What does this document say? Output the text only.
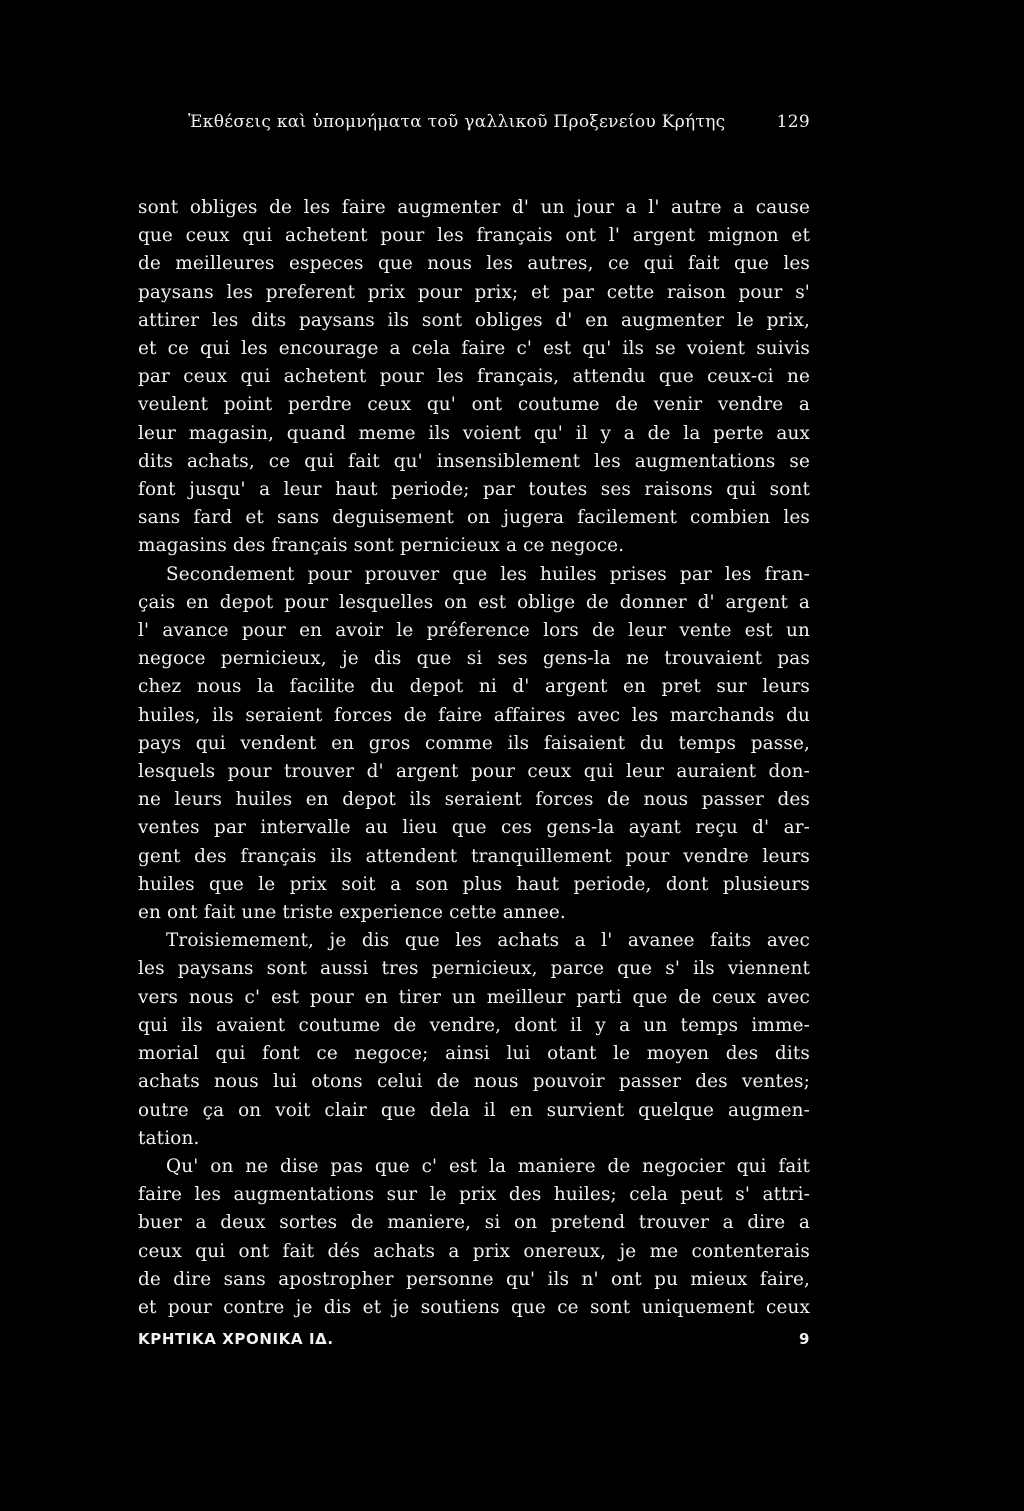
Ἐκθέσεις καὶ ὑπομνήματα τοῦ γαλλικοῦ Προξενείου Κρήτης	129
sont obliges de les faire augmenter d' un jour a l' autre a cause
que ceux qui achetent pour les français ont l' argent mignon et
de meilleures especes que nous les autres, ce qui fait que les
paysans les preferent prix pour prix; et par cette raison pour s'
attirer les dits paysans ils sont obliges d' en augmenter le prix,
et ce qui les encourage a cela faire c' est qu' ils se voient suivis
par ceux qui achetent pour les français, attendu que ceux-ci ne
veulent point perdre ceux qu' ont coutume de venir vendre a
leur magasin, quand meme ils voient qu' il y a de la perte aux
dits achats, ce qui fait qu' insensiblement les augmentations se
font jusqu' a leur haut periode; par toutes ses raisons qui sont
sans fard et sans deguisement on jugera facilement combien les
magasins des français sont pernicieux a ce negoce.
Secondement pour prouver que les huiles prises par les fran-
çais en depot pour lesquelles on est oblige de donner d' argent a
l' avance pour en avoir le préference lors de leur vente est un
negoce pernicieux, je dis que si ses gens-la ne trouvaient pas
chez nous la facilite du depot ni d' argent en pret sur leurs
huiles, ils seraient forces de faire affaires avec les marchands du
pays qui vendent en gros comme ils faisaient du temps passe,
lesquels pour trouver d' argent pour ceux qui leur auraient don-
ne leurs huiles en depot ils seraient forces de nous passer des
ventes par intervalle au lieu que ces gens-la ayant reçu d' ar-
gent des français ils attendent tranquillement pour vendre leurs
huiles que le prix soit a son plus haut periode, dont plusieurs
en ont fait une triste experience cette annee.
Troisiemement, je dis que les achats a l' avanee faits avec
les paysans sont aussi tres pernicieux, parce que s' ils viennent
vers nous c' est pour en tirer un meilleur parti que de ceux avec
qui ils avaient coutume de vendre, dont il y a un temps imme-
morial qui font ce negoce; ainsi lui otant le moyen des dits
achats nous lui otons celui de nous pouvoir passer des ventes;
outre ça on voit clair que dela il en survient quelque augmen-
tation.
Qu' on ne dise pas que c' est la maniere de negocier qui fait
faire les augmentations sur le prix des huiles; cela peut s' attri-
buer a deux sortes de maniere, si on pretend trouver a dire a
ceux qui ont fait dés achats a prix onereux, je me contenterais
de dire sans apostropher personne qu' ils n' ont pu mieux faire,
et pour contre je dis et je soutiens que ce sont uniquement ceux
ΚΡΗΤΙΚΑ ΧΡΟΝΙΚΑ ΙΔ.	9
